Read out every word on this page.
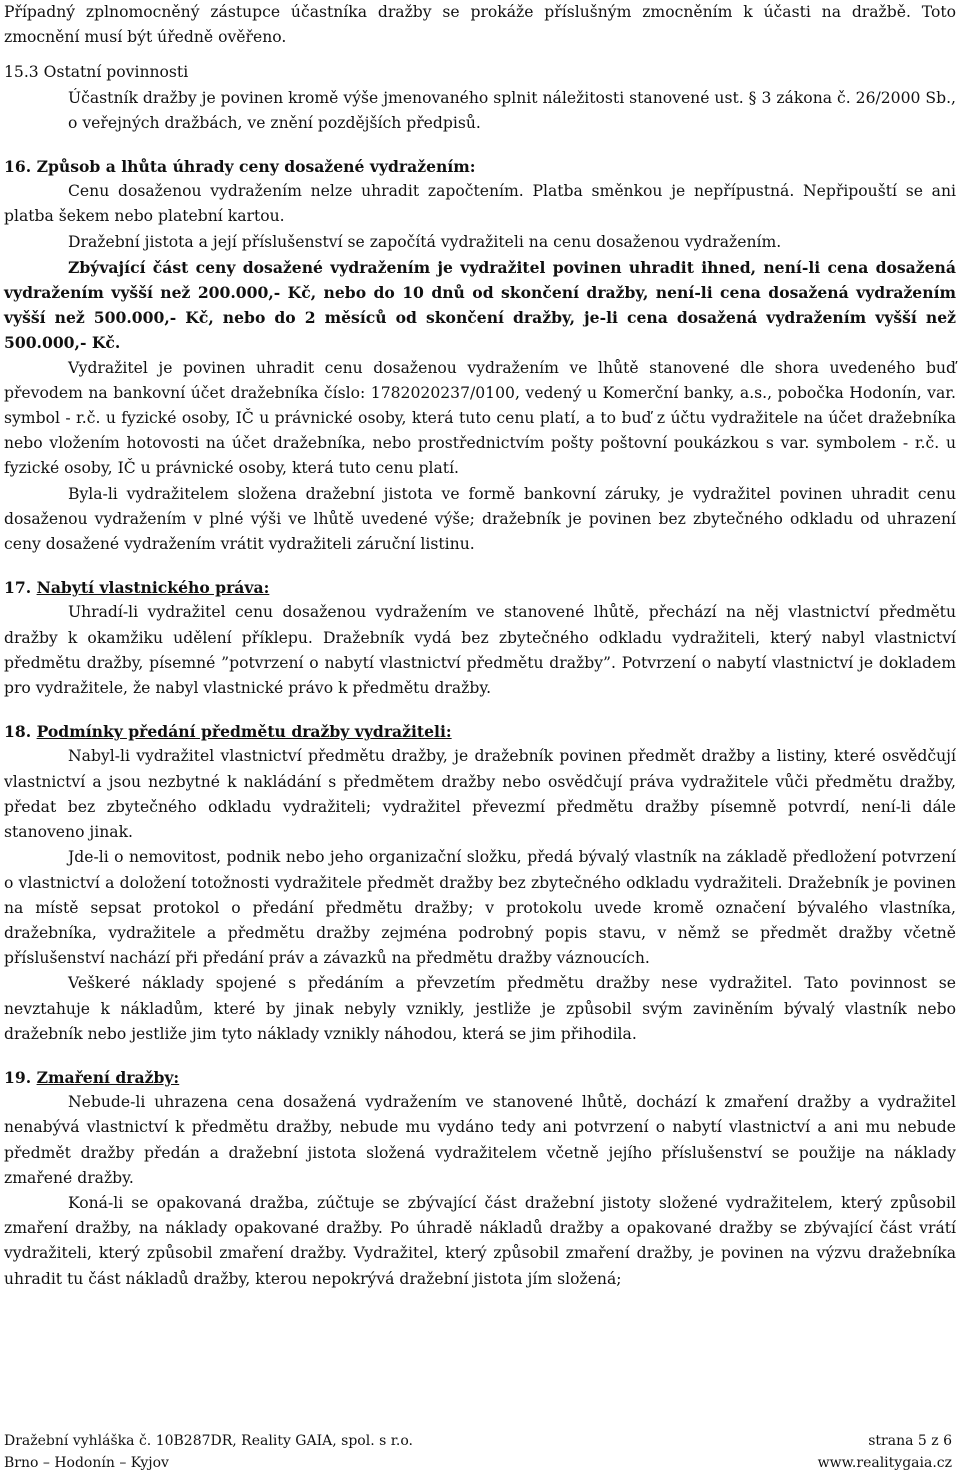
Případný zplnomocněný zástupce účastníka dražby se prokáže příslušným zmocněním k účasti na dražbě. Toto zmocnění musí být úředně ověřeno.

15.3 Ostatní povinnosti

Účastník dražby je povinen kromě výše jmenovaného splnit náležitosti stanovené ust. § 3 zákona č. 26/2000 Sb., o veřejných dražbách, ve znění pozdějších předpisů.

16. Způsob a lhůta úhrady ceny dosažené vydražením:

Cenu dosaženou vydražením nelze uhradit započtením. Platba směnkou je nepřípustná. Nepřipouští se ani platba šekem nebo platební kartou.

Dražební jistota a její příslušenství se započítá vydražiteli na cenu dosaženou vydražením.

Zbývající část ceny dosažené vydražením je vydražitel povinen uhradit ihned, není-li cena dosažená vydražením vyšší než 200.000,- Kč, nebo do 10 dnů od skončení dražby, není-li cena dosažená vydražením vyšší než 500.000,- Kč, nebo do 2 měsíců od skončení dražby, je-li cena dosažená vydražením vyšší než 500.000,- Kč.

Vydražitel je povinen uhradit cenu dosaženou vydražením ve lhůtě stanovené dle shora uvedeného buď převodem na bankovní účet dražebníka číslo: 1782020237/0100, vedený u Komerční banky, a.s., pobočka Hodonín, var. symbol - r.č. u fyzické osoby, IČ u právnické osoby, která tuto cenu platí, a to buď z účtu vydražitele na účet dražebníka nebo vložením hotovosti na účet dražebníka, nebo prostřednictvím pošty poštovní poukázkou s var. symbolem - r.č. u fyzické osoby, IČ u právnické osoby, která tuto cenu platí.

Byla-li vydražitelem složena dražební jistota ve formě bankovní záruky, je vydražitel povinen uhradit cenu dosaženou vydražením v plné výši ve lhůtě uvedené výše; dražebník je povinen bez zbytečného odkladu od uhrazení ceny dosažené vydražením vrátit vydražiteli záruční listinu.

17. Nabytí vlastnického práva:

Uhradí-li vydražitel cenu dosaženou vydražením ve stanovené lhůtě, přechází na něj vlastnictví předmětu dražby k okamžiku udělení příklepu. Dražebník vydá bez zbytečného odkladu vydražiteli, který nabyl vlastnictví předmětu dražby, písemné ”potvrzení o nabytí vlastnictví předmětu dražby”. Potvrzení o nabytí vlastnictví je dokladem pro vydražitele, že nabyl vlastnické právo k předmětu dražby.

18. Podmínky předání předmětu dražby vydražiteli:

Nabyl-li vydražitel vlastnictví předmětu dražby, je dražebník povinen předmět dražby a listiny, které osvědčují vlastnictví a jsou nezbytné k nakládání s předmětem dražby nebo osvědčují práva vydražitele vůči předmětu dražby, předat bez zbytečného odkladu vydražiteli; vydražitel převezmí předmětu dražby písemně potvrdí, není-li dále stanoveno jinak.

Jde-li o nemovitost, podnik nebo jeho organizační složku, předá bývalý vlastník na základě předložení potvrzení o vlastnictví a doložení totožnosti vydražitele předmět dražby bez zbytečného odkladu vydražiteli. Dražebník je povinen na místě sepsat protokol o předání předmětu dražby; v protokolu uvede kromě označení bývalého vlastníka, dražebníka, vydražitele a předmětu dražby zejména podrobný popis stavu, v němž se předmět dražby včetně příslušenství nachází při předání práv a závazků na předmětu dražby váznoucích.

Veškeré náklady spojené s předáním a převzetím předmětu dražby nese vydražitel. Tato povinnost se nevztahuje k nákladům, které by jinak nebyly vznikly, jestliže je způsobil svým zaviněním bývalý vlastník nebo dražebník nebo jestliže jim tyto náklady vznikly náhodou, která se jim přihodila.

19. Zmaření dražby:

Nebude-li uhrazena cena dosažená vydražením ve stanovené lhůtě, dochází k zmaření dražby a vydražitel nenabývá vlastnictví k předmětu dražby, nebude mu vydáno tedy ani potvrzení o nabytí vlastnictví a ani mu nebude předmět dražby předán a dražební jistota složená vydražitelem včetně jejího příslušenství se použije na náklady zmařené dražby.

Koná-li se opakovaná dražba, zúčtuje se zbývající část dražební jistoty složené vydražitelem, který způsobil zmaření dražby, na náklady opakované dražby. Po úhradě nákladů dražby a opakované dražby se zbývající část vrátí vydražiteli, který způsobil zmaření dražby. Vydražitel, který způsobil zmaření dražby, je povinen na výzvu dražebníka uhradit tu část nákladů dražby, kterou nepokrývá dražební jistota jím složená;

Dražební vyhláška č. 10B287DR, Reality GAIA, spol. s r.o.	strana 5 z 6
Brno – Hodonín – Kyjov	www.realitygaia.cz
